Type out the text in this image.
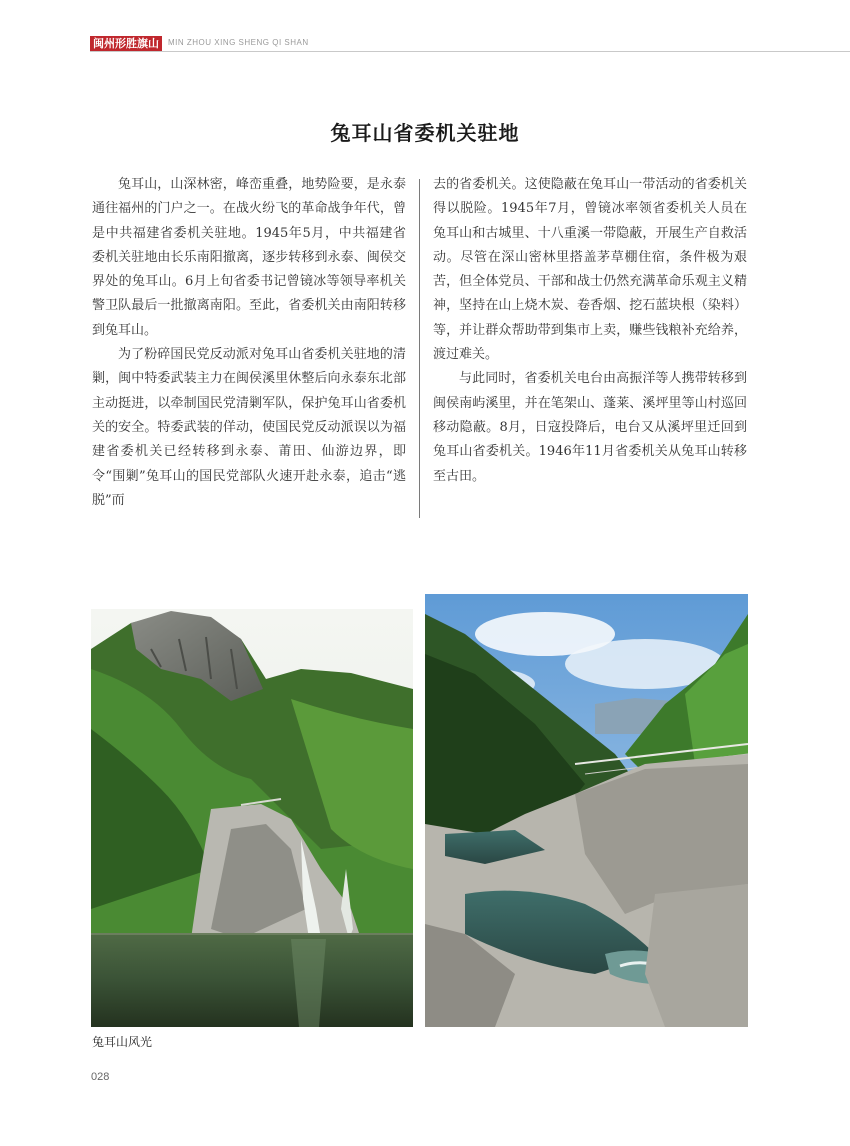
闽州形胜旗山	MIN ZHOU XING SHENG QI SHAN
兔耳山省委机关驻地

兔耳山，山深林密，峰峦重叠，地势险要，是永泰通往福州的门户之一。在战火纷飞的革命战争年代，曾是中共福建省委机关驻地。1945年5月，中共福建省委机关驻地由长乐南阳撤离，逐步转移到永泰、闽侯交界处的兔耳山。6月上旬省委书记曾镜冰等领导率机关警卫队最后一批撤离南阳。至此，省委机关由南阳转移到兔耳山。

为了粉碎国民党反动派对兔耳山省委机关驻地的清剿，闽中特委武装主力在闽侯溪里休整后向永泰东北部主动挺进，以牵制国民党清剿军队，保护兔耳山省委机关的安全。特委武装的佯动，使国民党反动派误以为福建省委机关已经转移到永泰、莆田、仙游边界，即令“围剿”兔耳山的国民党部队火速开赴永泰，追击“逃脱”而

去的省委机关。这使隐蔽在兔耳山一带活动的省委机关得以脱险。1945年7月，曾镜冰率领省委机关人员在兔耳山和古城里、十八重溪一带隐蔽，开展生产自救活动。尽管在深山密林里搭盖茅草棚住宿，条件极为艰苦，但全体党员、干部和战士仍然充满革命乐观主义精神，坚持在山上烧木炭、卷香烟、挖石蓝块根（染料）等，并让群众帮助带到集市上卖，赚些钱粮补充给养，渡过难关。

与此同时，省委机关电台由高振洋等人携带转移到闽侯南屿溪里，并在笔架山、蓬莱、溪坪里等山村巡回移动隐蔽。8月，日寇投降后，电台又从溪坪里迁回到兔耳山省委机关。1946年11月省委机关从兔耳山转移至古田。

兔耳山风光
028
